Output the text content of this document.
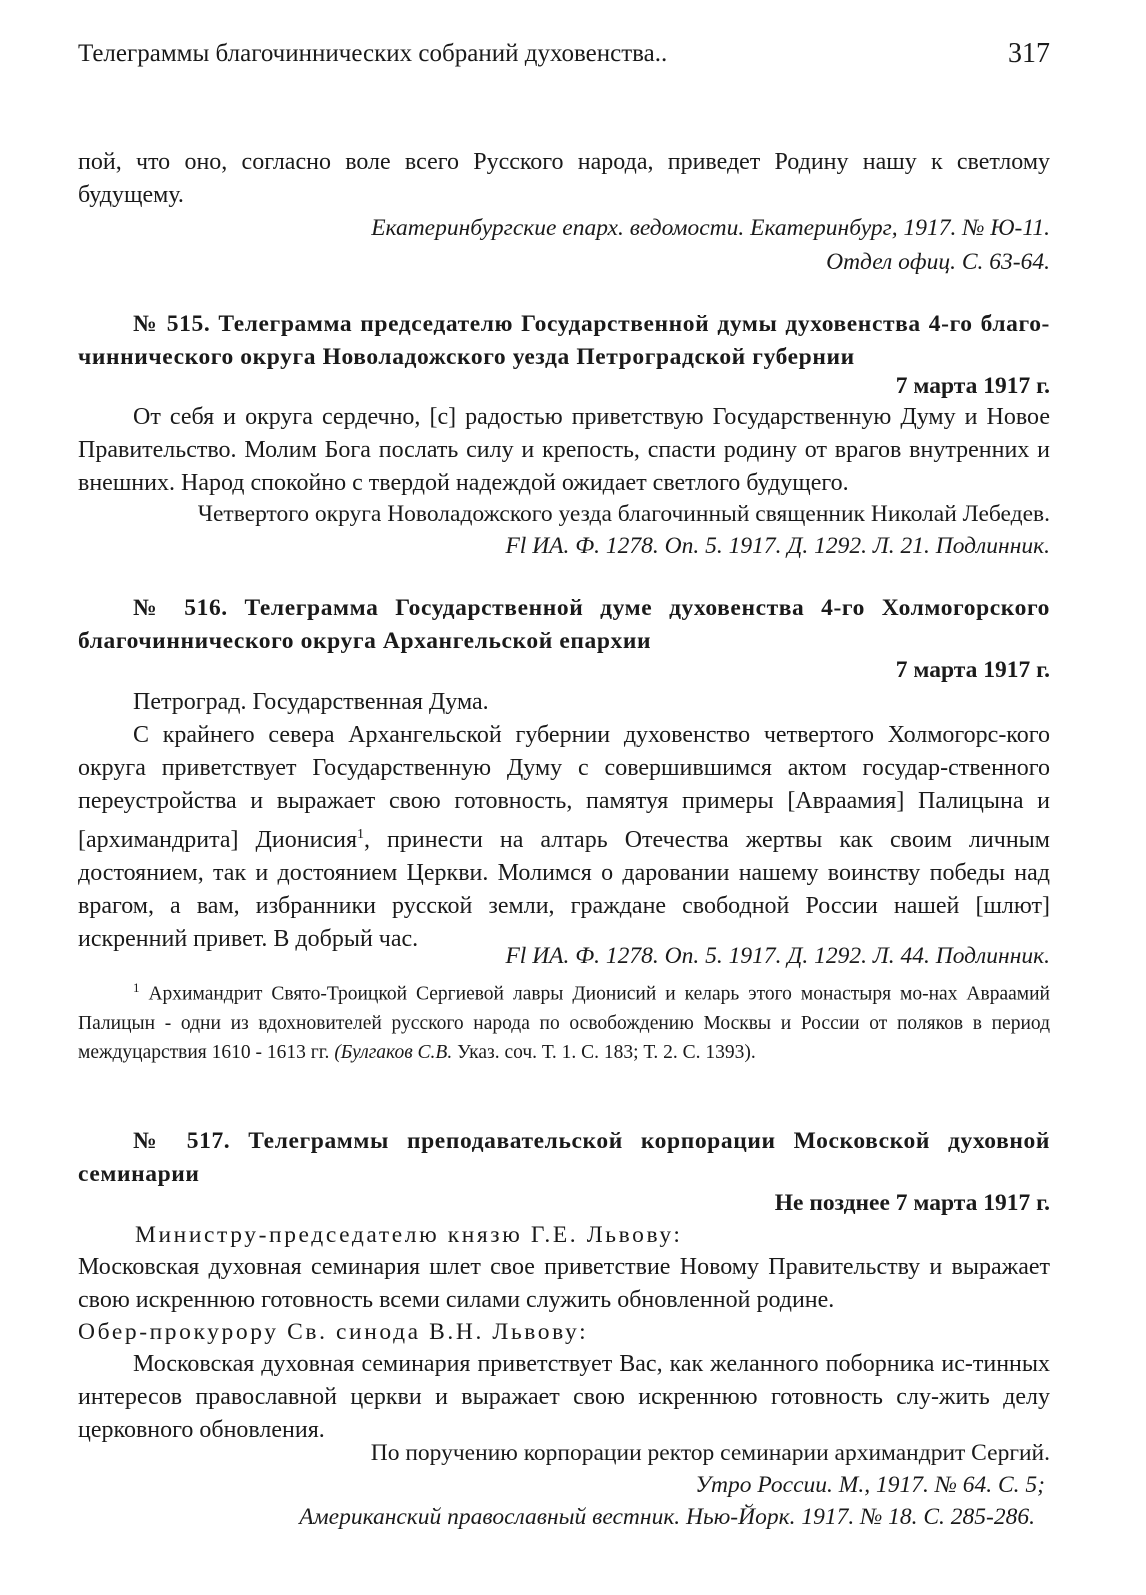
Телеграммы благочиннических собраний духовенства..	317

пой, что оно, согласно воле всего Русского народа, приведет Родину нашу к светлому будущему.

Екатеринбургские епарх. ведомости. Екатеринбург, 1917. № Ю-11.
Отдел офиц. С. 63-64.

№ 515. Телеграмма председателю Государственной думы духовенства 4-го благо-чиннического округа Новоладожского уезда Петроградской губернии

7 марта 1917 г.

От себя и округа сердечно, [с] радостью приветствую Государственную Думу и Новое Правительство. Молим Бога послать силу и крепость, спасти родину от врагов внутренних и внешних. Народ спокойно с твердой надеждой ожидает светлого будущего.

Четвертого округа Новоладожского уезда благочинный священник Николай Лебедев.
Fl ИА. Ф. 1278. Оп. 5. 1917. Д. 1292. Л. 21. Подлинник.

№ 516. Телеграмма Государственной думе духовенства 4-го Холмогорского благочиннического округа Архангельской епархии

7 марта 1917 г.

Петроград. Государственная Дума.

С крайнего севера Архангельской губернии духовенство четвертого Холмогорс-кого округа приветствует Государственную Думу с совершившимся актом государ-ственного переустройства и выражает свою готовность, памятуя примеры [Авраамия] Палицына и [архимандрита] Дионисия$^1$, принести на алтарь Отечества жертвы как своим личным достоянием, так и достоянием Церкви. Молимся о даровании нашему воинству победы над врагом, а вам, избранники русской земли, граждане свободной России нашей [шлют] искренний привет. В добрый час.

Fl ИА. Ф. 1278. Оп. 5. 1917. Д. 1292. Л. 44. Подлинник.

$^1$ Архимандрит Свято-Троицкой Сергиевой лавры Дионисий и келарь этого монастыря мо-нах Авраамий Палицын - одни из вдохновителей русского народа по освобождению Москвы и России от поляков в период междуцарствия 1610 - 1613 гг. (Булгаков С.В. Указ. соч. Т. 1. С. 183; Т. 2. С. 1393).

№ 517. Телеграммы преподавательской корпорации Московской духовной семинарии

Не позднее 7 марта 1917 г.
Министру-председателю князю Г.Е. Львову:

Московская духовная семинария шлет свое приветствие Новому Правительству и выражает свою искреннюю готовность всеми силами служить обновленной родине.

Обер-прокурору Св. синода В.Н. Львову:

Московская духовная семинария приветствует Вас, как желанного поборника ис-тинных интересов православной церкви и выражает свою искреннюю готовность слу-жить делу церковного обновления.

По поручению корпорации ректор семинарии архимандрит Сергий.
Утро России. М., 1917. № 64. С. 5;
Американский православный вестник. Нью-Йорк. 1917. № 18. С. 285-286.
